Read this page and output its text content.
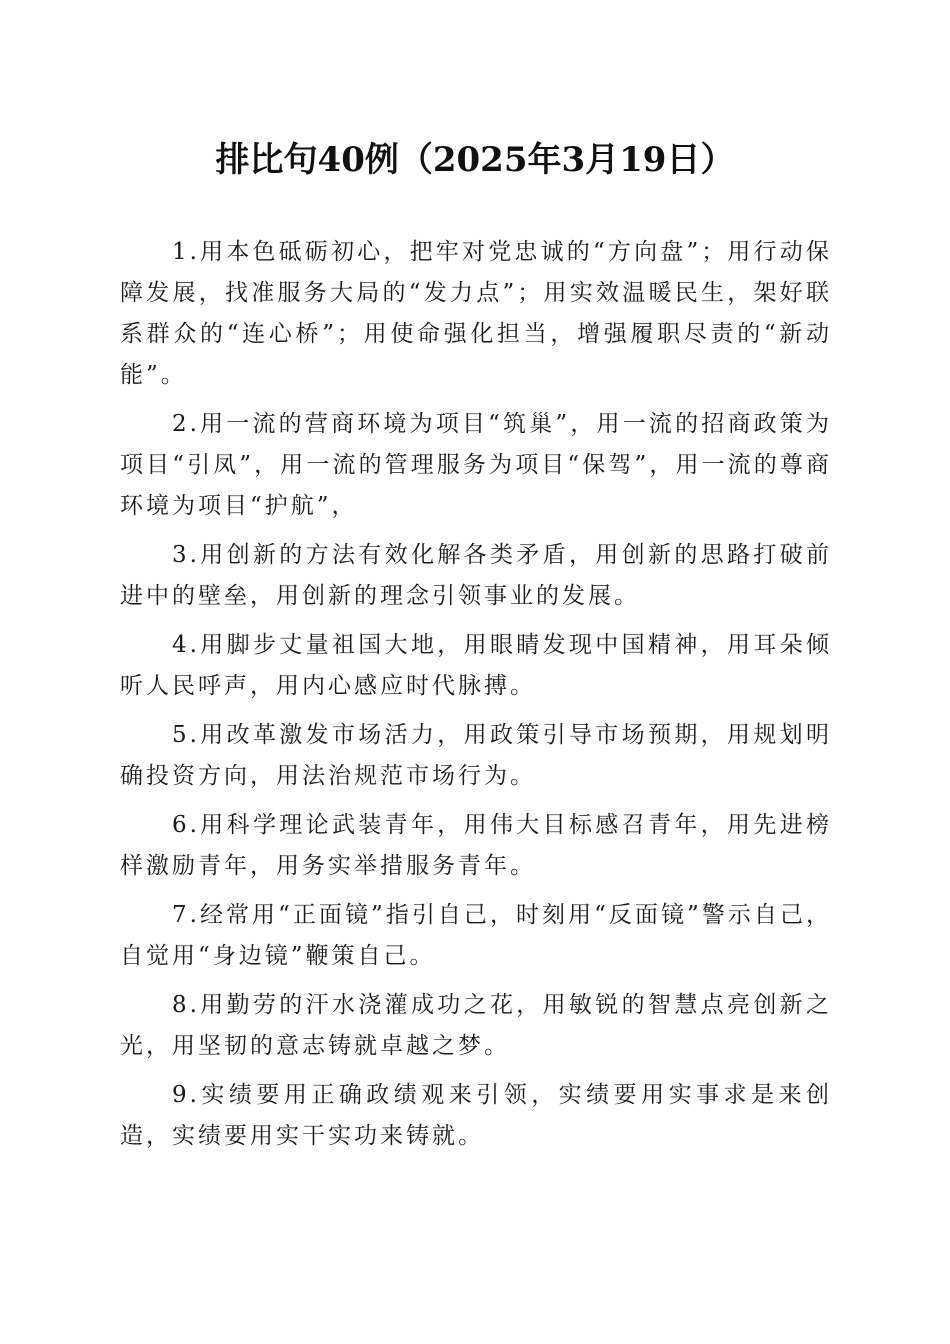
排比句40例（2025年3月19日）

1.用本色砥砺初心，把牢对党忠诚的“方向盘”；用行动保障发展，找准服务大局的“发力点”；用实效温暖民生，架好联系群众的“连心桥”；用使命强化担当，增强履职尽责的“新动能”。

2.用一流的营商环境为项目“筑巢”，用一流的招商政策为项目“引凤”，用一流的管理服务为项目“保驾”，用一流的尊商环境为项目“护航”，

3.用创新的方法有效化解各类矛盾，用创新的思路打破前进中的壁垒，用创新的理念引领事业的发展。

4.用脚步丈量祖国大地，用眼睛发现中国精神，用耳朵倾听人民呼声，用内心感应时代脉搏。

5.用改革激发市场活力，用政策引导市场预期，用规划明确投资方向，用法治规范市场行为。

6.用科学理论武装青年，用伟大目标感召青年，用先进榜样激励青年，用务实举措服务青年。

7.经常用“正面镜”指引自己，时刻用“反面镜”警示自己，自觉用“身边镜”鞭策自己。

8.用勤劳的汗水浇灌成功之花，用敏锐的智慧点亮创新之光，用坚韧的意志铸就卓越之梦。

9.实绩要用正确政绩观来引领，实绩要用实事求是来创造，实绩要用实干实功来铸就。
